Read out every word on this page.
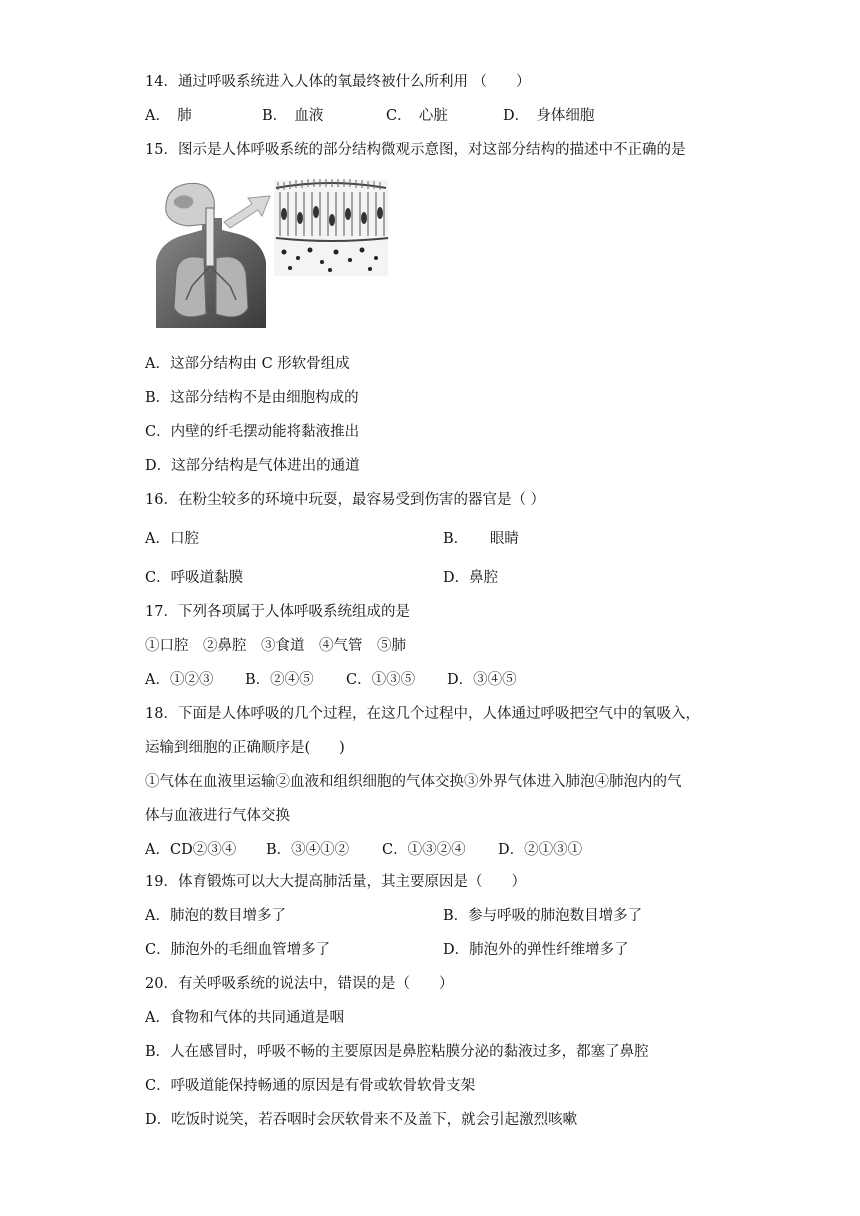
14．通过呼吸系统进入人体的氧最终被什么所利用 （　　）
A．　肺	B．　血液	C．　心脏	D．　身体细胞
15．图示是人体呼吸系统的部分结构微观示意图，对这部分结构的描述中不正确的是
A．这部分结构由 C 形软骨组成
B．这部分结构不是由细胞构成的
C．内壁的纤毛摆动能将黏液推出
D．这部分结构是气体进出的通道
16．在粉尘较多的环境中玩耍，最容易受到伤害的器官是（ ）
A．口腔	B．　　眼睛
C．呼吸道黏膜	D．鼻腔
17．下列各项属于人体呼吸系统组成的是
①口腔　②鼻腔　③食道　④气管　⑤肺
A．①②③ B．②④⑤ C．①③⑤ D．③④⑤
18．下面是人体呼吸的几个过程，在这几个过程中，人体通过呼吸把空气中的氧吸入，
运输到细胞的正确顺序是(　　)
①气体在血液里运输②血液和组织细胞的气体交换③外界气体进入肺泡④肺泡内的气
体与血液进行气体交换
A．CD②③④ B．③④①② C．①③②④ D．②①③①
19．体育锻炼可以大大提高肺活量，其主要原因是（　　）
A．肺泡的数目增多了	B．参与呼吸的肺泡数目增多了
C．肺泡外的毛细血管增多了	D．肺泡外的弹性纤维增多了
20．有关呼吸系统的说法中，错误的是（　　）
A．食物和气体的共同通道是咽
B．人在感冒时，呼吸不畅的主要原因是鼻腔粘膜分泌的黏液过多，都塞了鼻腔
C．呼吸道能保持畅通的原因是有骨或软骨软骨支架
D．吃饭时说笑，若吞咽时会厌软骨来不及盖下，就会引起激烈咳嗽
